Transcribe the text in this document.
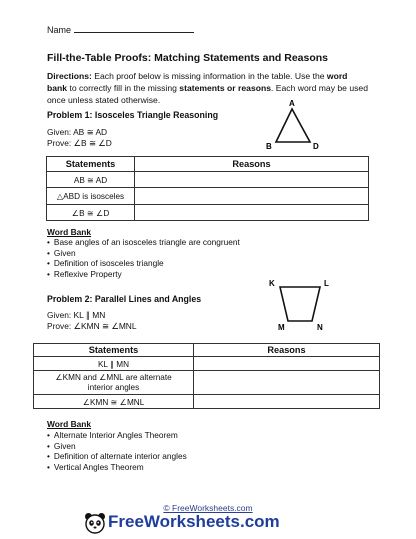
Name
Fill-the-Table Proofs: Matching Statements and Reasons
Directions: Each proof below is missing information in the table. Use the word bank to correctly fill in the missing statements or reasons. Each word may be used once unless stated otherwise.
Problem 1: Isosceles Triangle Reasoning
Given: AB ≅ AD
Prove: ∠B ≅ ∠D
A
B	D
Statements	Reasons
AB ≅ AD	
△ABD is isosceles	
∠B ≅ ∠D	
Word Bank
• Base angles of an isosceles triangle are congruent
• Given
• Definition of isosceles triangle
• Reflexive Property
Problem 2: Parallel Lines and Angles
Given: KL ∥ MN
Prove: ∠KMN ≅ ∠MNL
K	L
M	N
Statements	Reasons
KL ∥ MN	
∠KMN and ∠MNL are alternate interior angles	
∠KMN ≅ ∠MNL	
Word Bank
• Alternate Interior Angles Theorem
• Given
• Definition of alternate interior angles
• Vertical Angles Theorem
© FreeWorksheets.com
FreeWorksheets.com
